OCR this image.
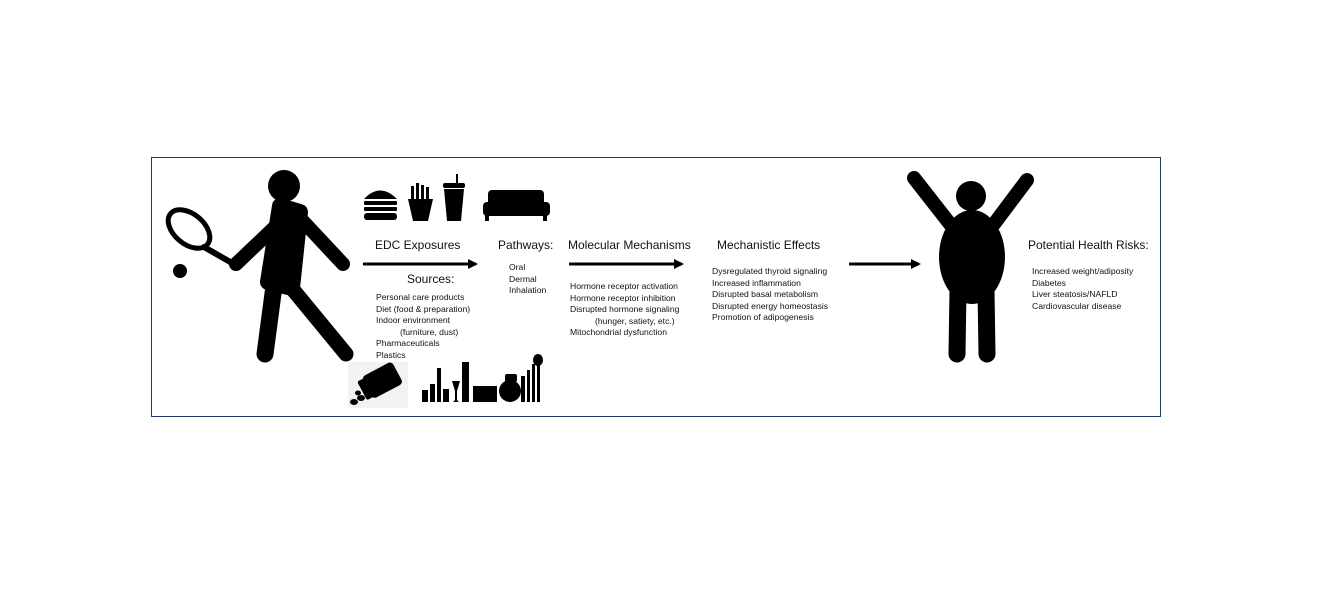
EDC Exposures
Sources:
Personal care products
Diet (food & preparation)
Indoor environment
(furniture, dust)
Pharmaceuticals
Plastics
Pathways:
Oral
Dermal
Inhalation
Molecular Mechanisms
Hormone receptor activation
Hormone receptor inhibition
Disrupted hormone signaling
(hunger, satiety, etc.)
Mitochondrial dysfunction
Mechanistic Effects
Dysregulated thyroid signaling
Increased inflammation
Disrupted basal metabolism
Disrupted energy homeostasis
Promotion of adipogenesis
Potential Health Risks:
Increased weight/adiposity
Diabetes
Liver steatosis/NAFLD
Cardiovascular disease
